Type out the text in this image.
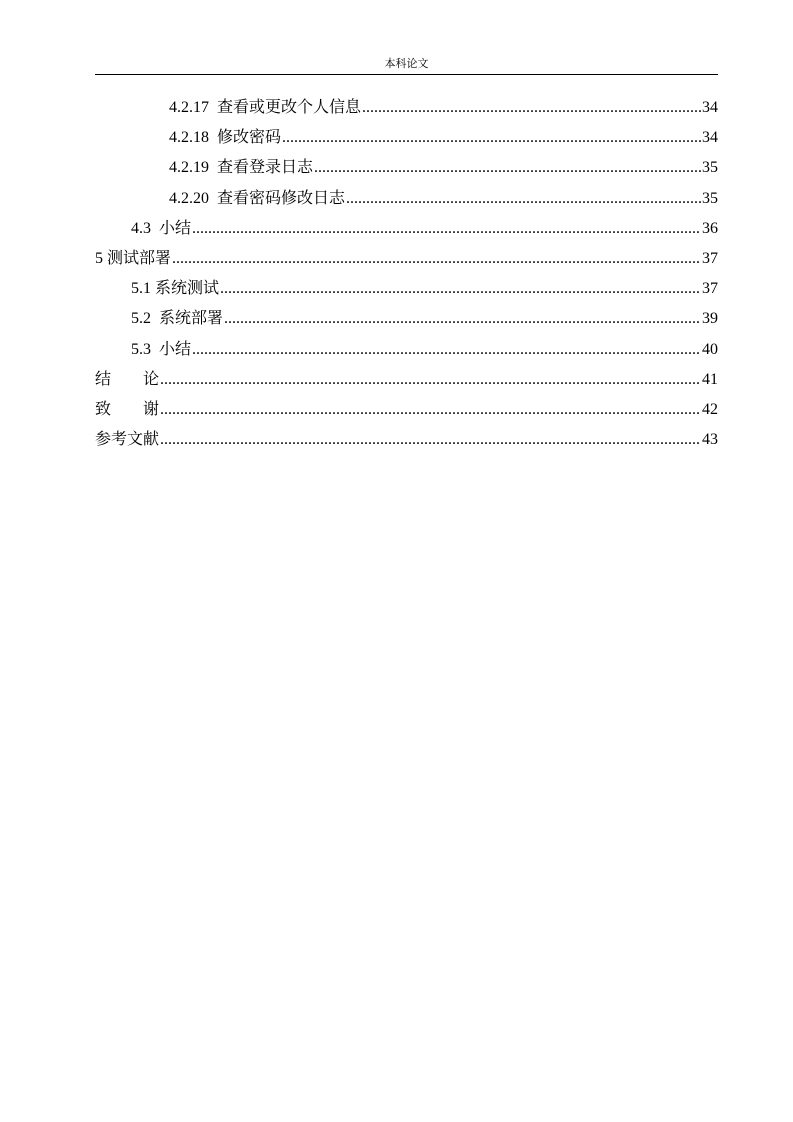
本科论文
4.2.17 查看或更改个人信息 .....	34
4.2.18 修改密码 .....	34
4.2.19 查看登录日志 .....	35
4.2.20 查看密码修改日志 .....	35
4.3 小结 .....	36
5 测试部署 .....	37
5.1 系统测试 .....	37
5.2 系统部署 .....	39
5.3 小结 .....	40
结　　论 .....	41
致　　谢 .....	42
参考文献 .....	43
